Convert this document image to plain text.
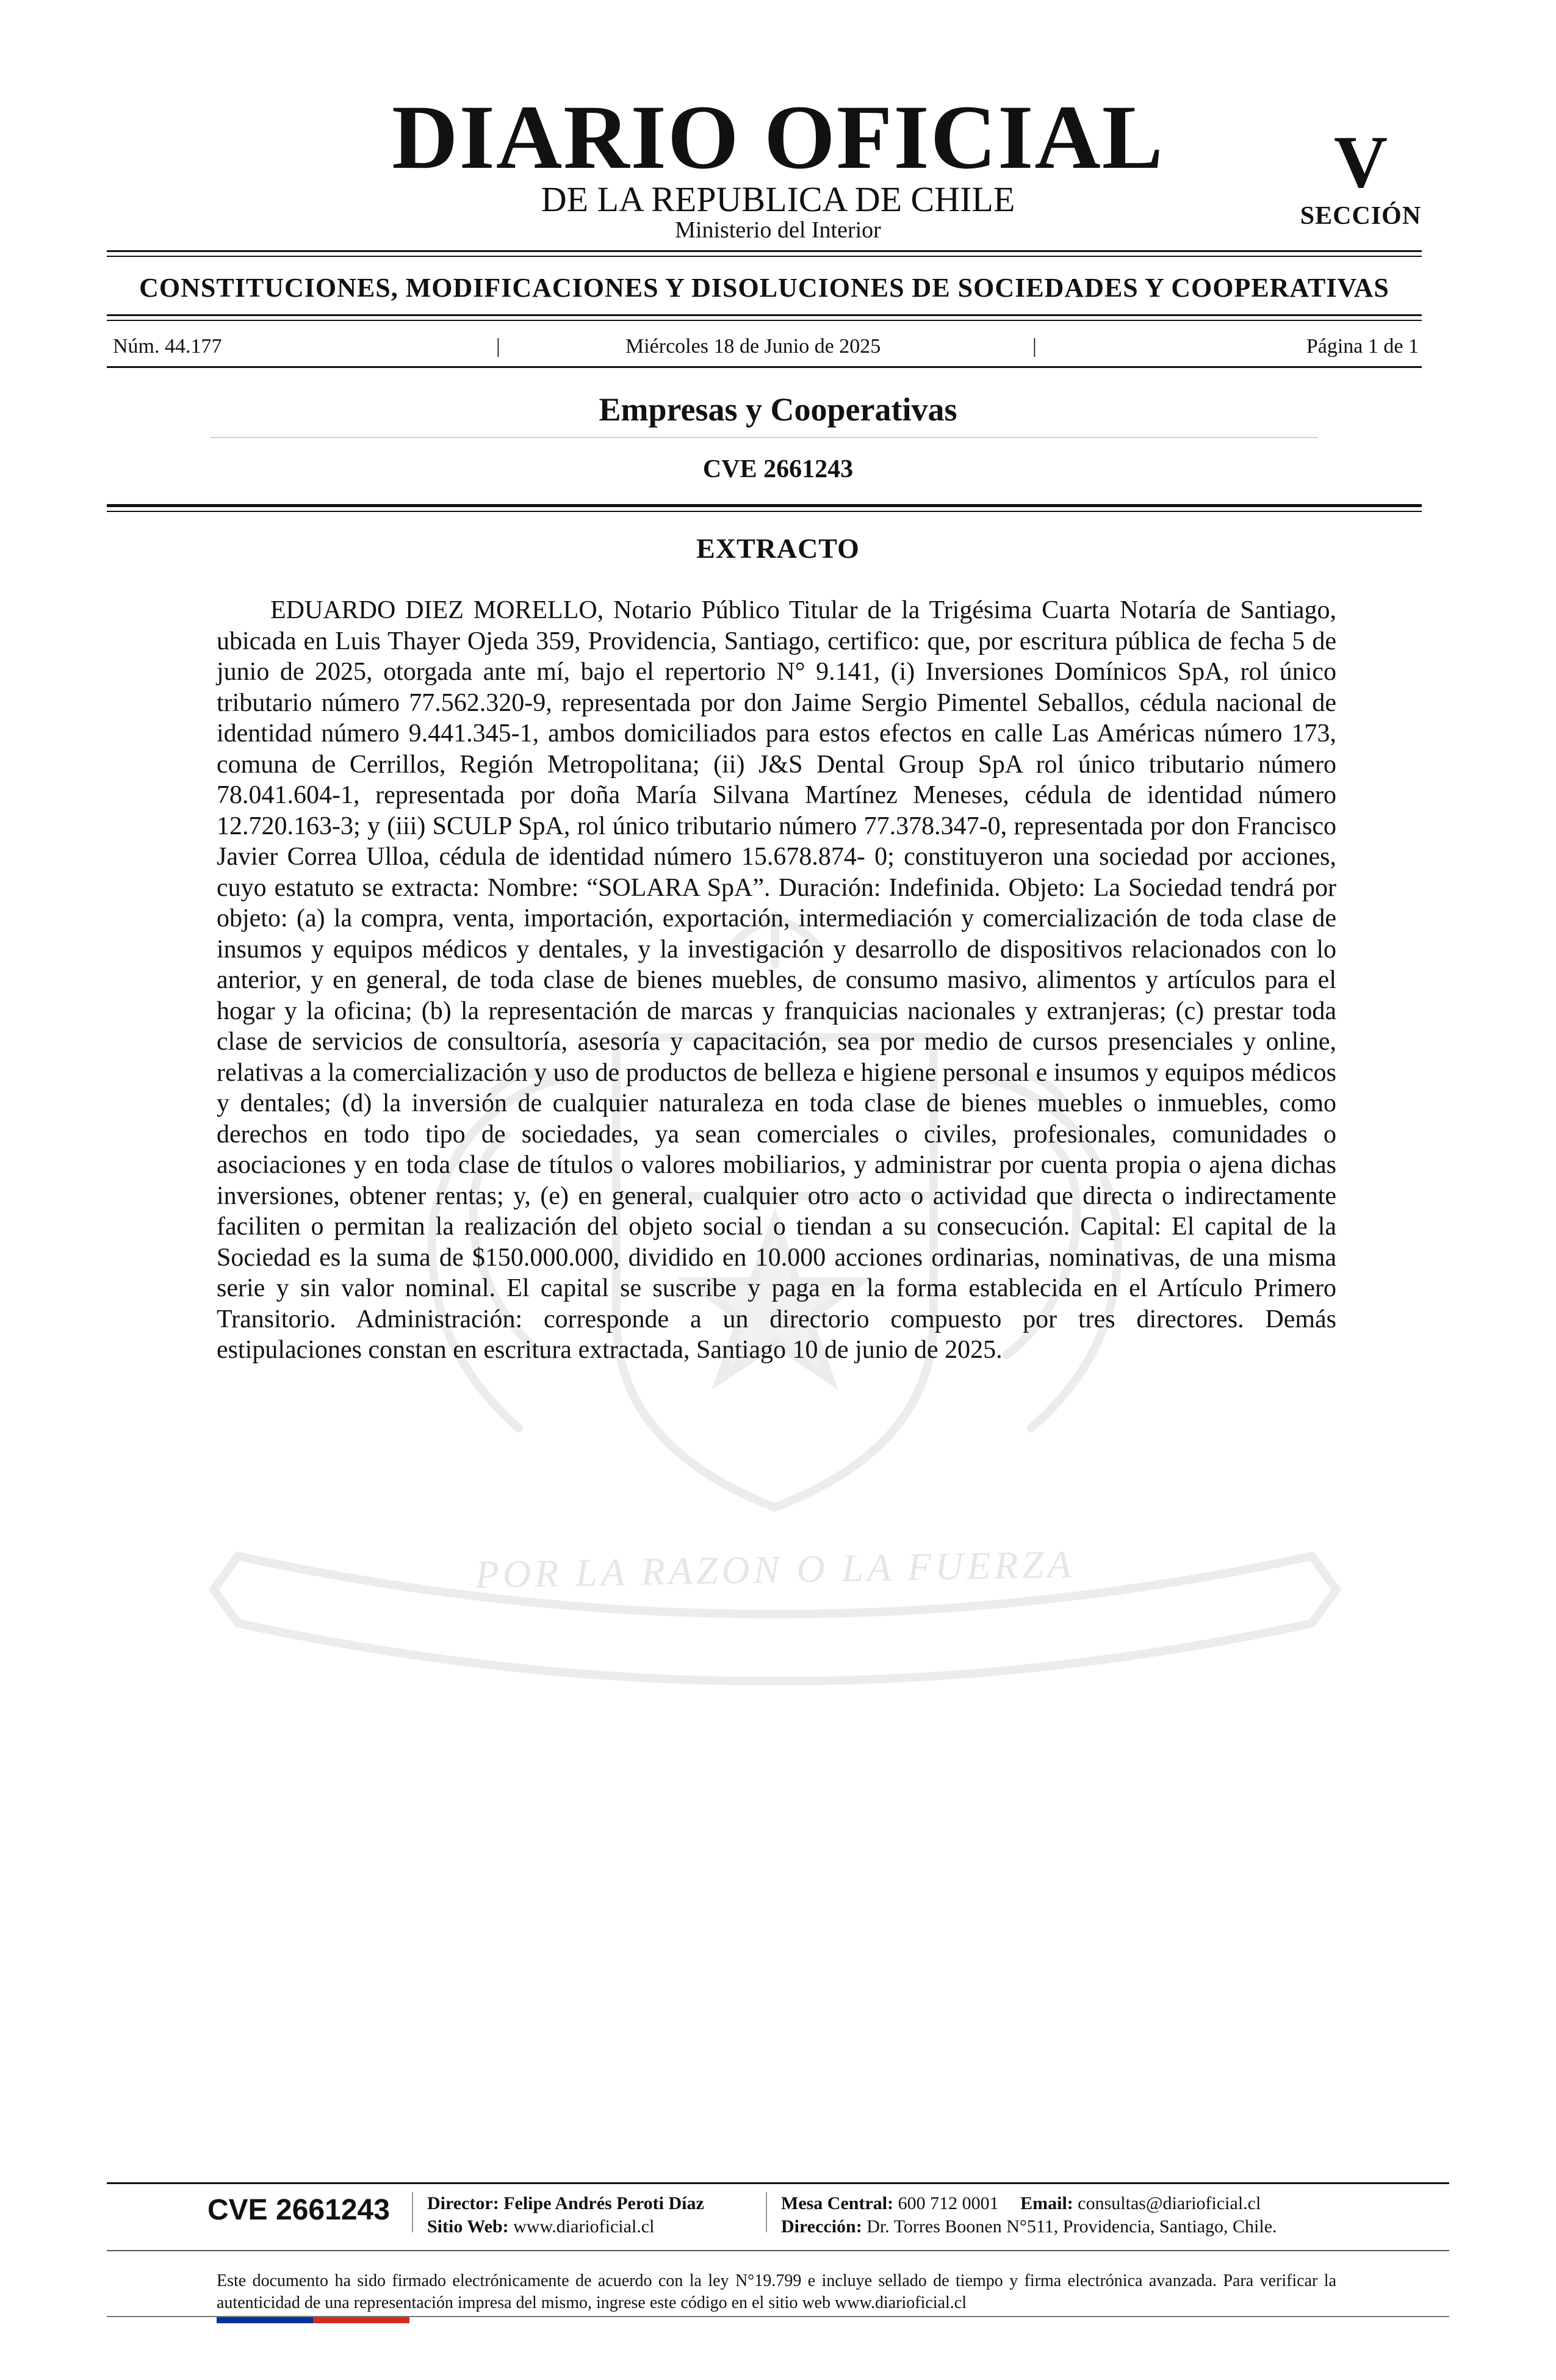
POR LA RAZON O LA FUERZA
DIARIO OFICIAL
DE LA REPUBLICA DE CHILE
Ministerio del Interior
V
SECCIÓN
CONSTITUCIONES, MODIFICACIONES Y DISOLUCIONES DE SOCIEDADES Y COOPERATIVAS
Núm. 44.177	|	Miércoles 18 de Junio de 2025	|	Página 1 de 1
Empresas y Cooperativas
CVE 2661243
EXTRACTO
EDUARDO DIEZ MORELLO, Notario Público Titular de la Trigésima Cuarta Notaría de Santiago, ubicada en Luis Thayer Ojeda 359, Providencia, Santiago, certifico: que, por escritura pública de fecha 5 de junio de 2025, otorgada ante mí, bajo el repertorio N° 9.141, (i) Inversiones Domínicos SpA, rol único tributario número 77.562.320-9, representada por don Jaime Sergio Pimentel Seballos, cédula nacional de identidad número 9.441.345-1, ambos domiciliados para estos efectos en calle Las Américas número 173, comuna de Cerrillos, Región Metropolitana; (ii) J&S Dental Group SpA rol único tributario número 78.041.604-1, representada por doña María Silvana Martínez Meneses, cédula de identidad número 12.720.163-3; y (iii) SCULP SpA, rol único tributario número 77.378.347-0, representada por don Francisco Javier Correa Ulloa, cédula de identidad número 15.678.874- 0; constituyeron una sociedad por acciones, cuyo estatuto se extracta: Nombre: “SOLARA SpA”. Duración: Indefinida. Objeto: La Sociedad tendrá por objeto: (a) la compra, venta, importación, exportación, intermediación y comercialización de toda clase de insumos y equipos médicos y dentales, y la investigación y desarrollo de dispositivos relacionados con lo anterior, y en general, de toda clase de bienes muebles, de consumo masivo, alimentos y artículos para el hogar y la oficina; (b) la representación de marcas y franquicias nacionales y extranjeras; (c) prestar toda clase de servicios de consultoría, asesoría y capacitación, sea por medio de cursos presenciales y online, relativas a la comercialización y uso de productos de belleza e higiene personal e insumos y equipos médicos y dentales; (d) la inversión de cualquier naturaleza en toda clase de bienes muebles o inmuebles, como derechos en todo tipo de sociedades, ya sean comerciales o civiles, profesionales, comunidades o asociaciones y en toda clase de títulos o valores mobiliarios, y administrar por cuenta propia o ajena dichas inversiones, obtener rentas; y, (e) en general, cualquier otro acto o actividad que directa o indirectamente faciliten o permitan la realización del objeto social o tiendan a su consecución. Capital: El capital de la Sociedad es la suma de $150.000.000, dividido en 10.000 acciones ordinarias, nominativas, de una misma serie y sin valor nominal. El capital se suscribe y paga en la forma establecida en el Artículo Primero Transitorio. Administración: corresponde a un directorio compuesto por tres directores. Demás estipulaciones constan en escritura extractada, Santiago 10 de junio de 2025.
CVE 2661243 Director: Felipe Andrés Peroti Díaz
Sitio Web: www.diarioficial.cl
Mesa Central: 600 712 0001 Email: consultas@diarioficial.cl
Dirección: Dr. Torres Boonen N°511, Providencia, Santiago, Chile.
Este documento ha sido firmado electrónicamente de acuerdo con la ley N°19.799 e incluye sellado de tiempo y firma electrónica avanzada. Para verificar la autenticidad de una representación impresa del mismo, ingrese este código en el sitio web www.diarioficial.cl
